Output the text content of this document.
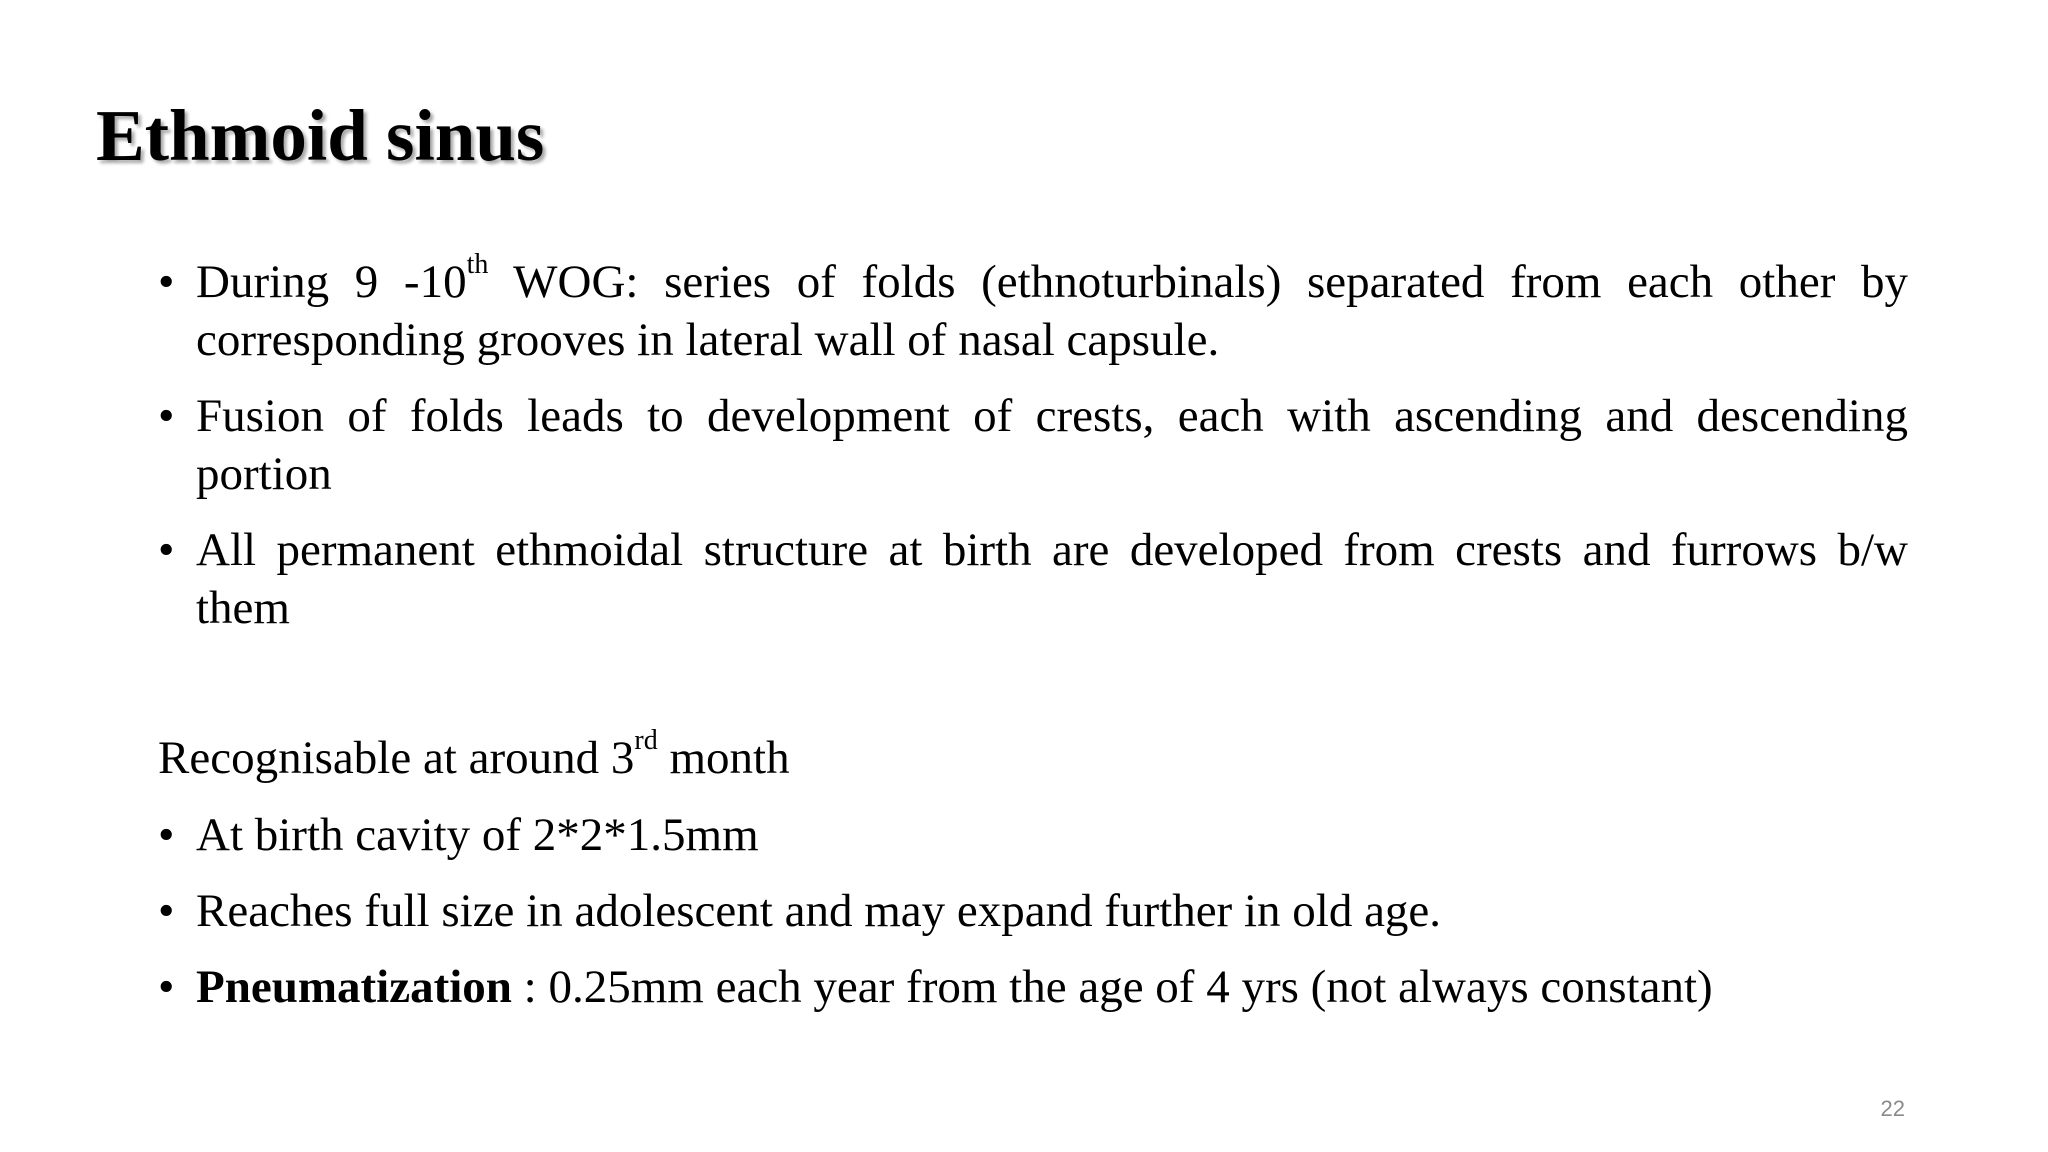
Ethmoid sinus
• During 9 -10th WOG: series of folds (ethnoturbinals) separated from each other by corresponding grooves in lateral wall of nasal capsule.
• Fusion of folds leads to development of crests, each with ascending and descending portion
• All permanent ethmoidal structure at birth are developed from crests and furrows b/w them

Recognisable at around 3rd month

• At birth cavity of 2*2*1.5mm
• Reaches full size in adolescent and may expand further in old age.
• Pneumatization : 0.25mm each year from the age of 4 yrs (not always constant)
22
